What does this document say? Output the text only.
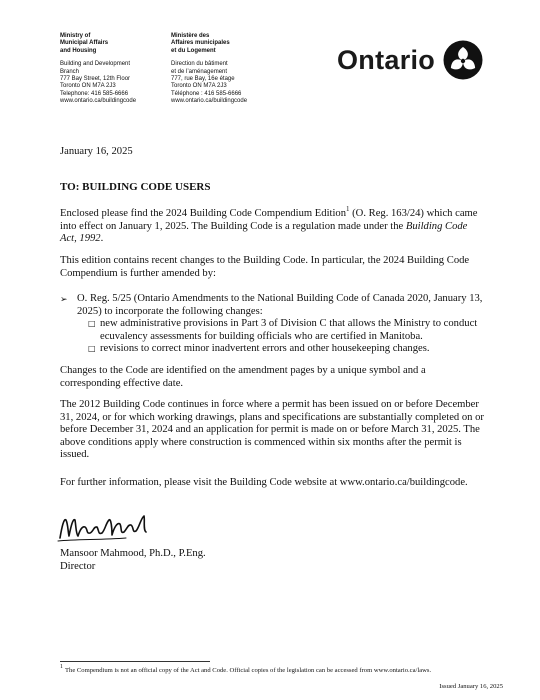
Ministry of
Municipal Affairs
and Housing
Building and Development
Branch
777 Bay Street, 12th Floor
Toronto ON M7A 2J3
Telephone: 416 585-6666
www.ontario.ca/buildingcode
Ministère des
Affaires municipales
et du Logement
Direction du bâtiment
et de l’aménagement
777, rue Bay, 16e étage
Toronto ON M7A 2J3
Téléphone : 416 585-6666
www.ontario.ca/buildingcode
Ontario
January 16, 2025
TO: BUILDING CODE USERS
Enclosed please find the 2024 Building Code Compendium Edition$^1$ (O. Reg. 163/24) which came into effect on January 1, 2025. The Building Code is a regulation made under the Building Code Act, 1992.
This edition contains recent changes to the Building Code. In particular, the 2024 Building Code Compendium is further amended by:
➢ O. Reg. 5/25 (Ontario Amendments to the National Building Code of Canada 2020, January 13, 2025) to incorporate the following changes:
□ new administrative provisions in Part 3 of Division C that allows the Ministry to conduct ecuvalency assessments for building officials who are certified in Manitoba.
□ revisions to correct minor inadvertent errors and other housekeeping changes.
Changes to the Code are identified on the amendment pages by a unique symbol and a corresponding effective date.
The 2012 Building Code continues in force where a permit has been issued on or before December 31, 2024, or for which working drawings, plans and specifications are substantially completed on or before December 31, 2024 and an application for permit is made on or before March 31, 2025. The above conditions apply where construction is commenced within six months after the permit is issued.
For further information, please visit the Building Code website at www.ontario.ca/buildingcode.
Mansoor Mahmood, Ph.D., P.Eng.
Director
$^1$ The Compendium is not an official copy of the Act and Code. Official copies of the legislation can be accessed from www.ontario.ca/laws.
Issued January 16, 2025
